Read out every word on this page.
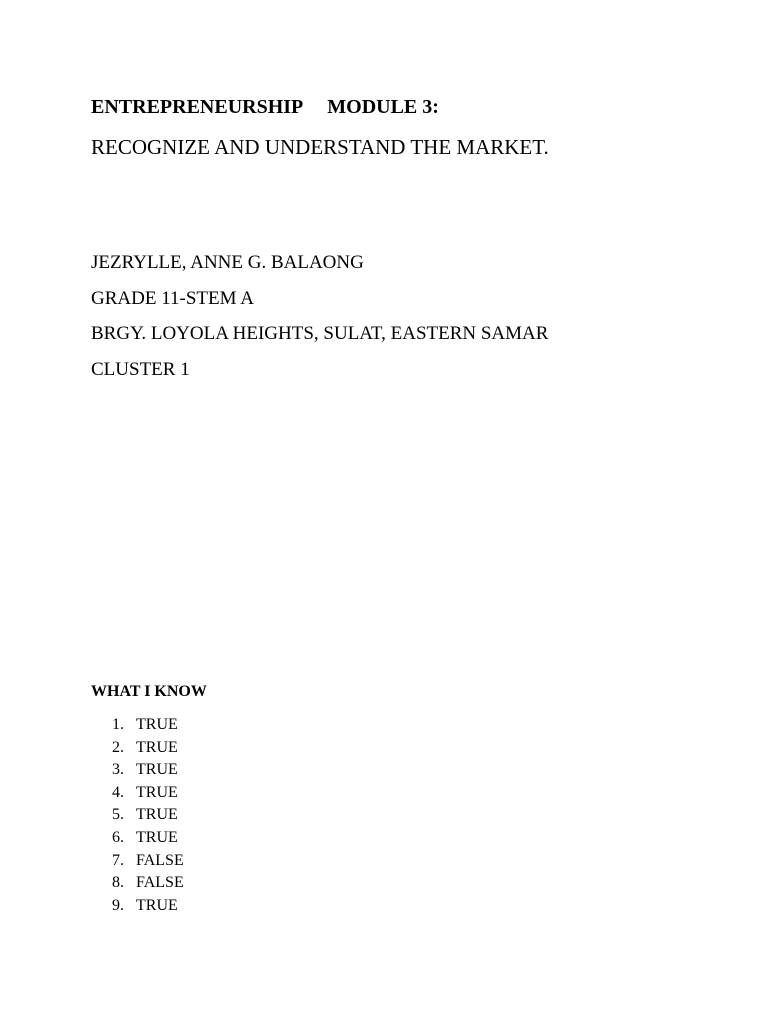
ENTREPRENEURSHIP MODULE 3:
RECOGNIZE AND UNDERSTAND THE MARKET.
JEZRYLLE, ANNE G. BALAONG
GRADE 11-STEM A
BRGY. LOYOLA HEIGHTS, SULAT, EASTERN SAMAR
CLUSTER 1
WHAT I KNOW
1. TRUE
2. TRUE
3. TRUE
4. TRUE
5. TRUE
6. TRUE
7. FALSE
8. FALSE
9. TRUE
